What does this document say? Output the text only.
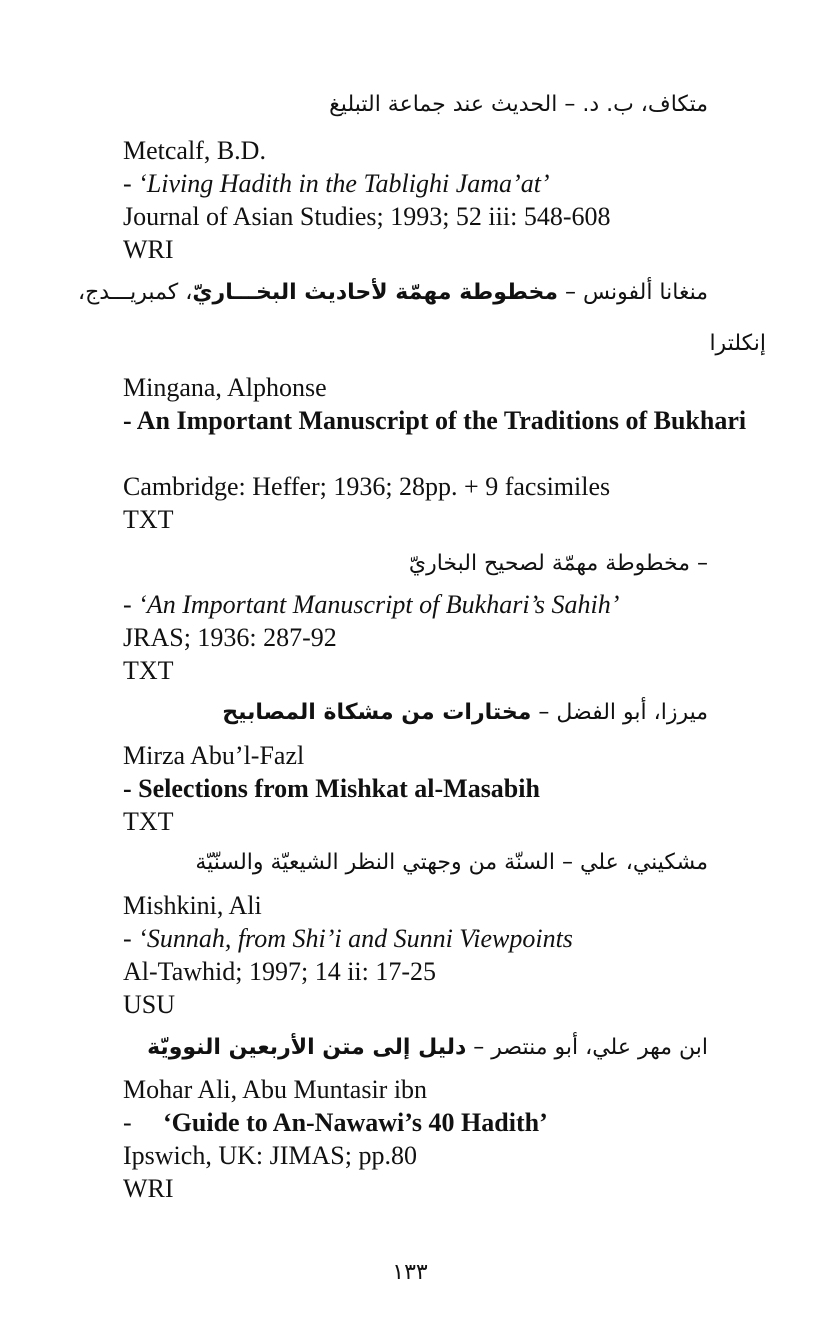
متكاف، ب. د. – الحديث عند جماعة التبليغ
Metcalf, B.D.
- ‘Living Hadith in the Tablighi Jama’at’
Journal of Asian Studies; 1993; 52 iii: 548-608
WRI
منغانا ألفونس – مخطوطة مهمّة لأحاديث البخـــاريّ، كمبريـــدج،
إنكلترا
Mingana, Alphonse
- An Important Manuscript of the Traditions of Bukhari
Cambridge: Heffer; 1936; 28pp. + 9 facsimiles
TXT
– مخطوطة مهمّة لصحيح البخاريّ
- ‘An Important Manuscript of Bukhari’s Sahih’
JRAS; 1936: 287-92
TXT
ميرزا، أبو الفضل – مختارات من مشكاة المصابيح
Mirza Abu’l-Fazl
- Selections from Mishkat al-Masabih
TXT
مشكيني، علي – السنّة من وجهتي النظر الشيعيّة والسنّيّة
Mishkini, Ali
- ‘Sunnah, from Shi’i and Sunni Viewpoints
Al-Tawhid; 1997; 14 ii: 17-25
USU
ابن مهر علي، أبو منتصر – دليل إلى متن الأربعين النوويّة
Mohar Ali, Abu Muntasir ibn
- ‘Guide to An-Nawawi’s 40 Hadith’
Ipswich, UK: JIMAS; pp.80
WRI
١٣٣
